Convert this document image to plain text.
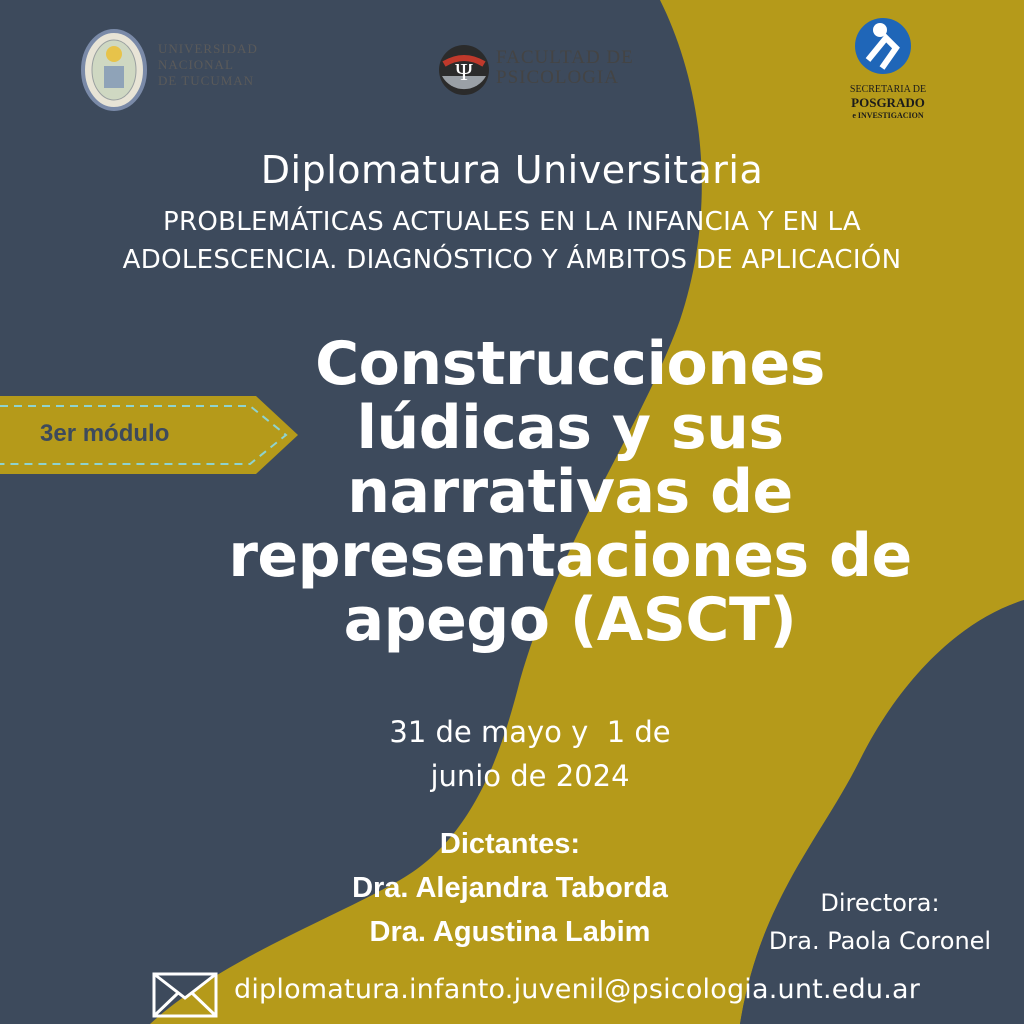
UNIVERSIDAD
NACIONAL
DE TUCUMAN	Ψ
FACULTAD DE
PSICOLOGIA
SECRETARIA DE
POSGRADO
e INVESTIGACION
Diplomatura Universitaria
PROBLEMÁTICAS ACTUALES EN LA INFANCIA Y EN LA
ADOLESCENCIA. DIAGNÓSTICO Y ÁMBITOS DE APLICACIÓN
3er módulo
Construcciones
lúdicas y sus
narrativas de
representaciones de
apego (ASCT)
31 de mayo y  1 de
junio de 2024
Dictantes:
Dra. Alejandra Taborda
Dra. Agustina Labim
Directora:
Dra. Paola Coronel
diplomatura.infanto.juvenil@psicologia.unt.edu.ar
